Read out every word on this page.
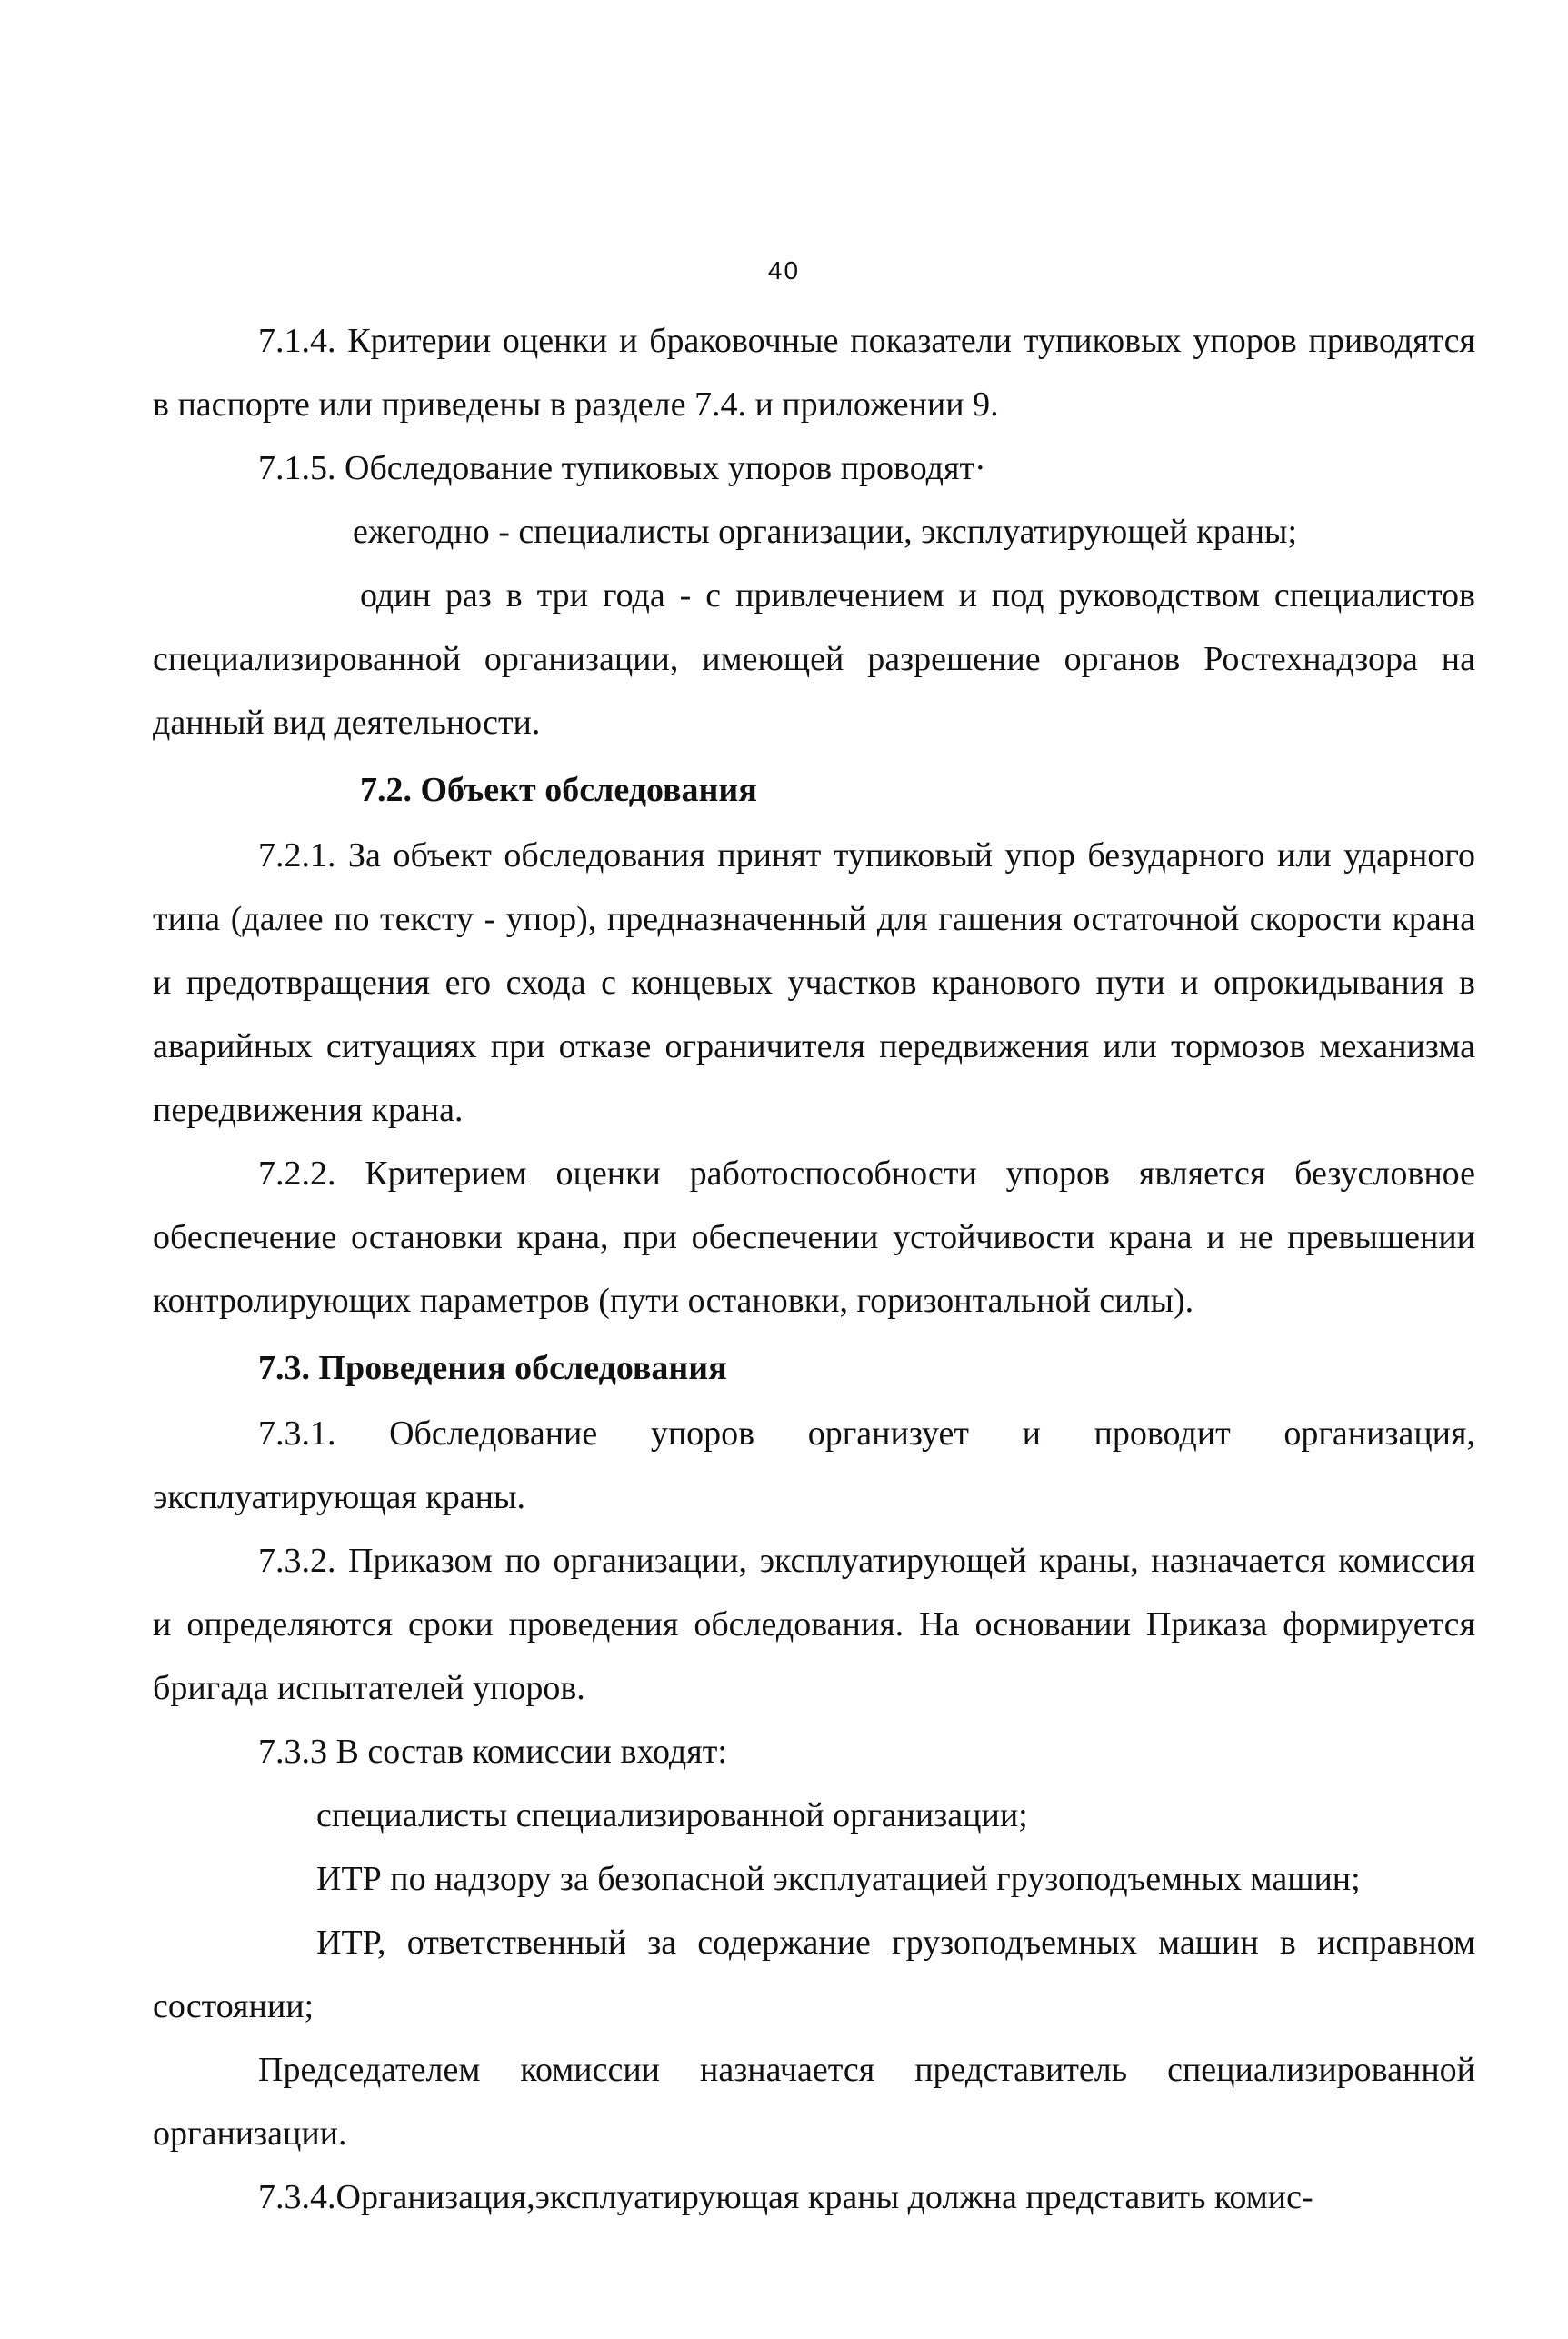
40

7.1.4. Критерии оценки и браковочные показатели тупиковых упоров приводятся в паспорте или приведены в разделе 7.4. и приложении 9.

7.1.5. Обследование тупиковых упоров проводят·

ежегодно - специалисты организации, эксплуатирующей краны;

один раз в три года - с привлечением и под руководством специалистов специализированной организации, имеющей разрешение органов Ростехнадзора на данный вид деятельности.

7.2. Объект обследования

7.2.1. За объект обследования принят тупиковый упор безударного или ударного типа (далее по тексту - упор), предназначенный для гашения остаточной скорости крана и предотвращения его схода с концевых участков кранового пути и опрокидывания в аварийных ситуациях при отказе ограничителя передвижения или тормозов механизма передвижения крана.

7.2.2. Критерием оценки работоспособности упоров является безусловное обеспечение остановки крана, при обеспечении устойчивости крана и не превышении контролирующих параметров (пути остановки, горизонтальной силы).

7.3. Проведения обследования

7.3.1. Обследование упоров организует и проводит организация, эксплуатирующая краны.

7.3.2. Приказом по организации, эксплуатирующей краны, назначается комиссия и определяются сроки проведения обследования. На основании Приказа формируется бригада испытателей упоров.

7.3.3 В состав комиссии входят:

специалисты специализированной организации;

ИТР по надзору за безопасной эксплуатацией грузоподъемных машин;

ИТР, ответственный за содержание грузоподъемных машин в исправном состоянии;

Председателем комиссии назначается представитель специализированной организации.

7.3.4.Организация,эксплуатирующая краны должна представить комис-
